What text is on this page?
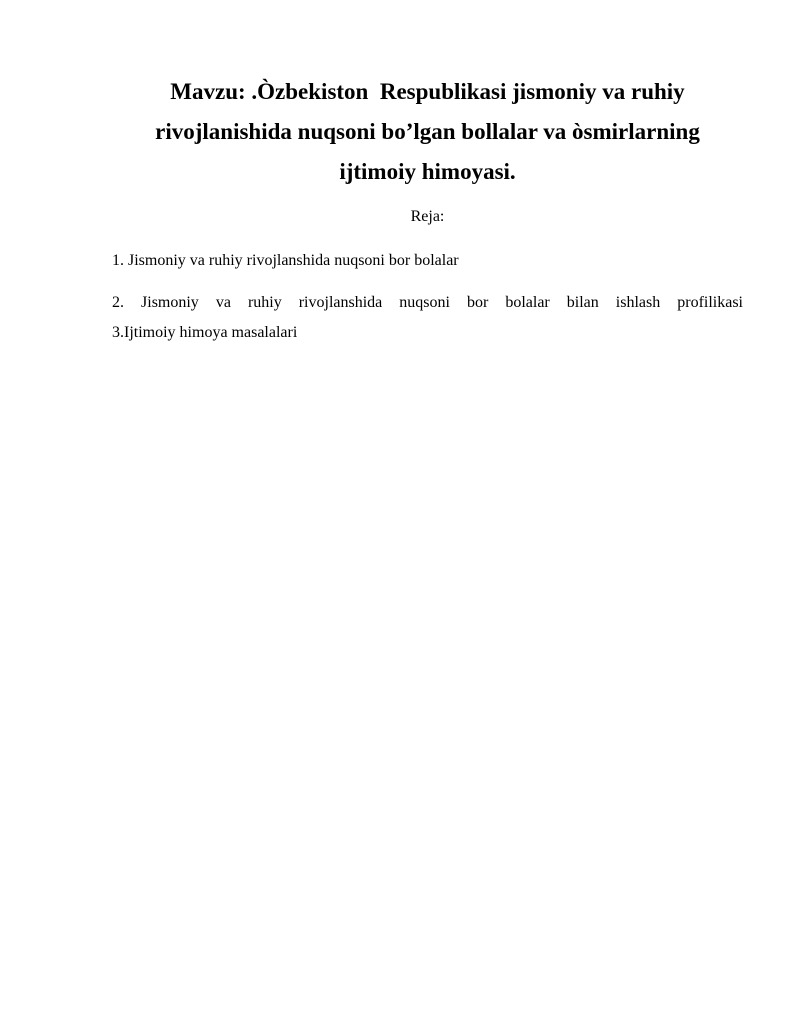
Mavzu: .Òzbekiston  Respublikasi jismoniy va ruhiy
rivojlanishida nuqsoni bo’lgan bollalar va òsmirlarning
ijtimoiy himoyasi.
Reja:
1. Jismoniy va ruhiy rivojlanshida nuqsoni bor bolalar
2. Jismoniy va ruhiy rivojlanshida nuqsoni bor bolalar bilan ishlash profilikasi
3.Ijtimoiy himoya masalalari
